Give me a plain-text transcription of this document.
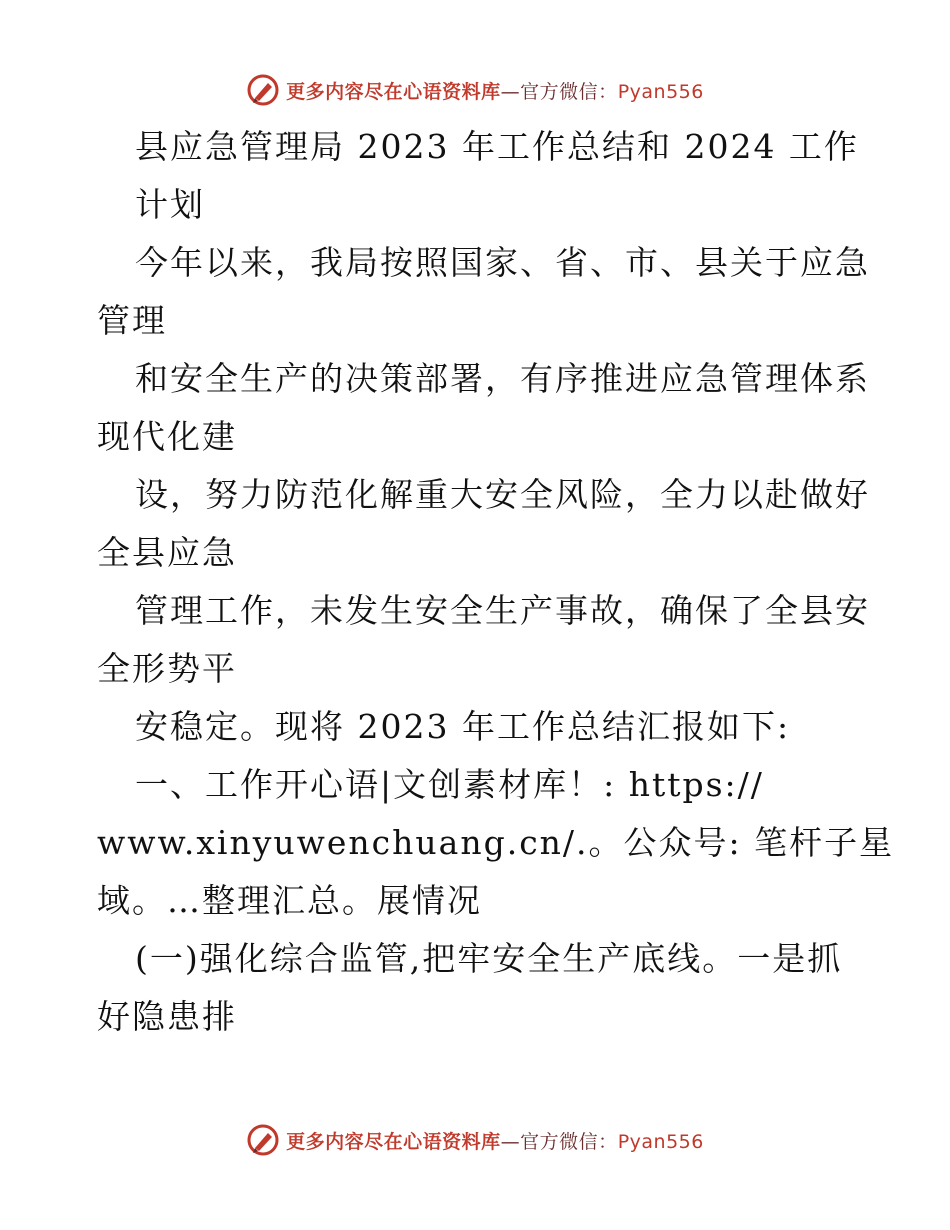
更多内容尽在心语资料库—官方微信：Pyan556
县应急管理局 2023 年工作总结和 2024 工作
计划
今年以来，我局按照国家、省、市、县关于应急
管理
和安全生产的决策部署，有序推进应急管理体系
现代化建
设，努力防范化解重大安全风险，全力以赴做好
全县应急
管理工作，未发生安全生产事故，确保了全县安
全形势平
安稳定。现将 2023 年工作总结汇报如下:
一、工作开心语|文创素材库！: https://
www.xinyuwenchuang.cn/.。公众号: 笔杆子星
域。…整理汇总。展情况
(一)强化综合监管,把牢安全生产底线。一是抓
好隐患排
更多内容尽在心语资料库—官方微信：Pyan556
